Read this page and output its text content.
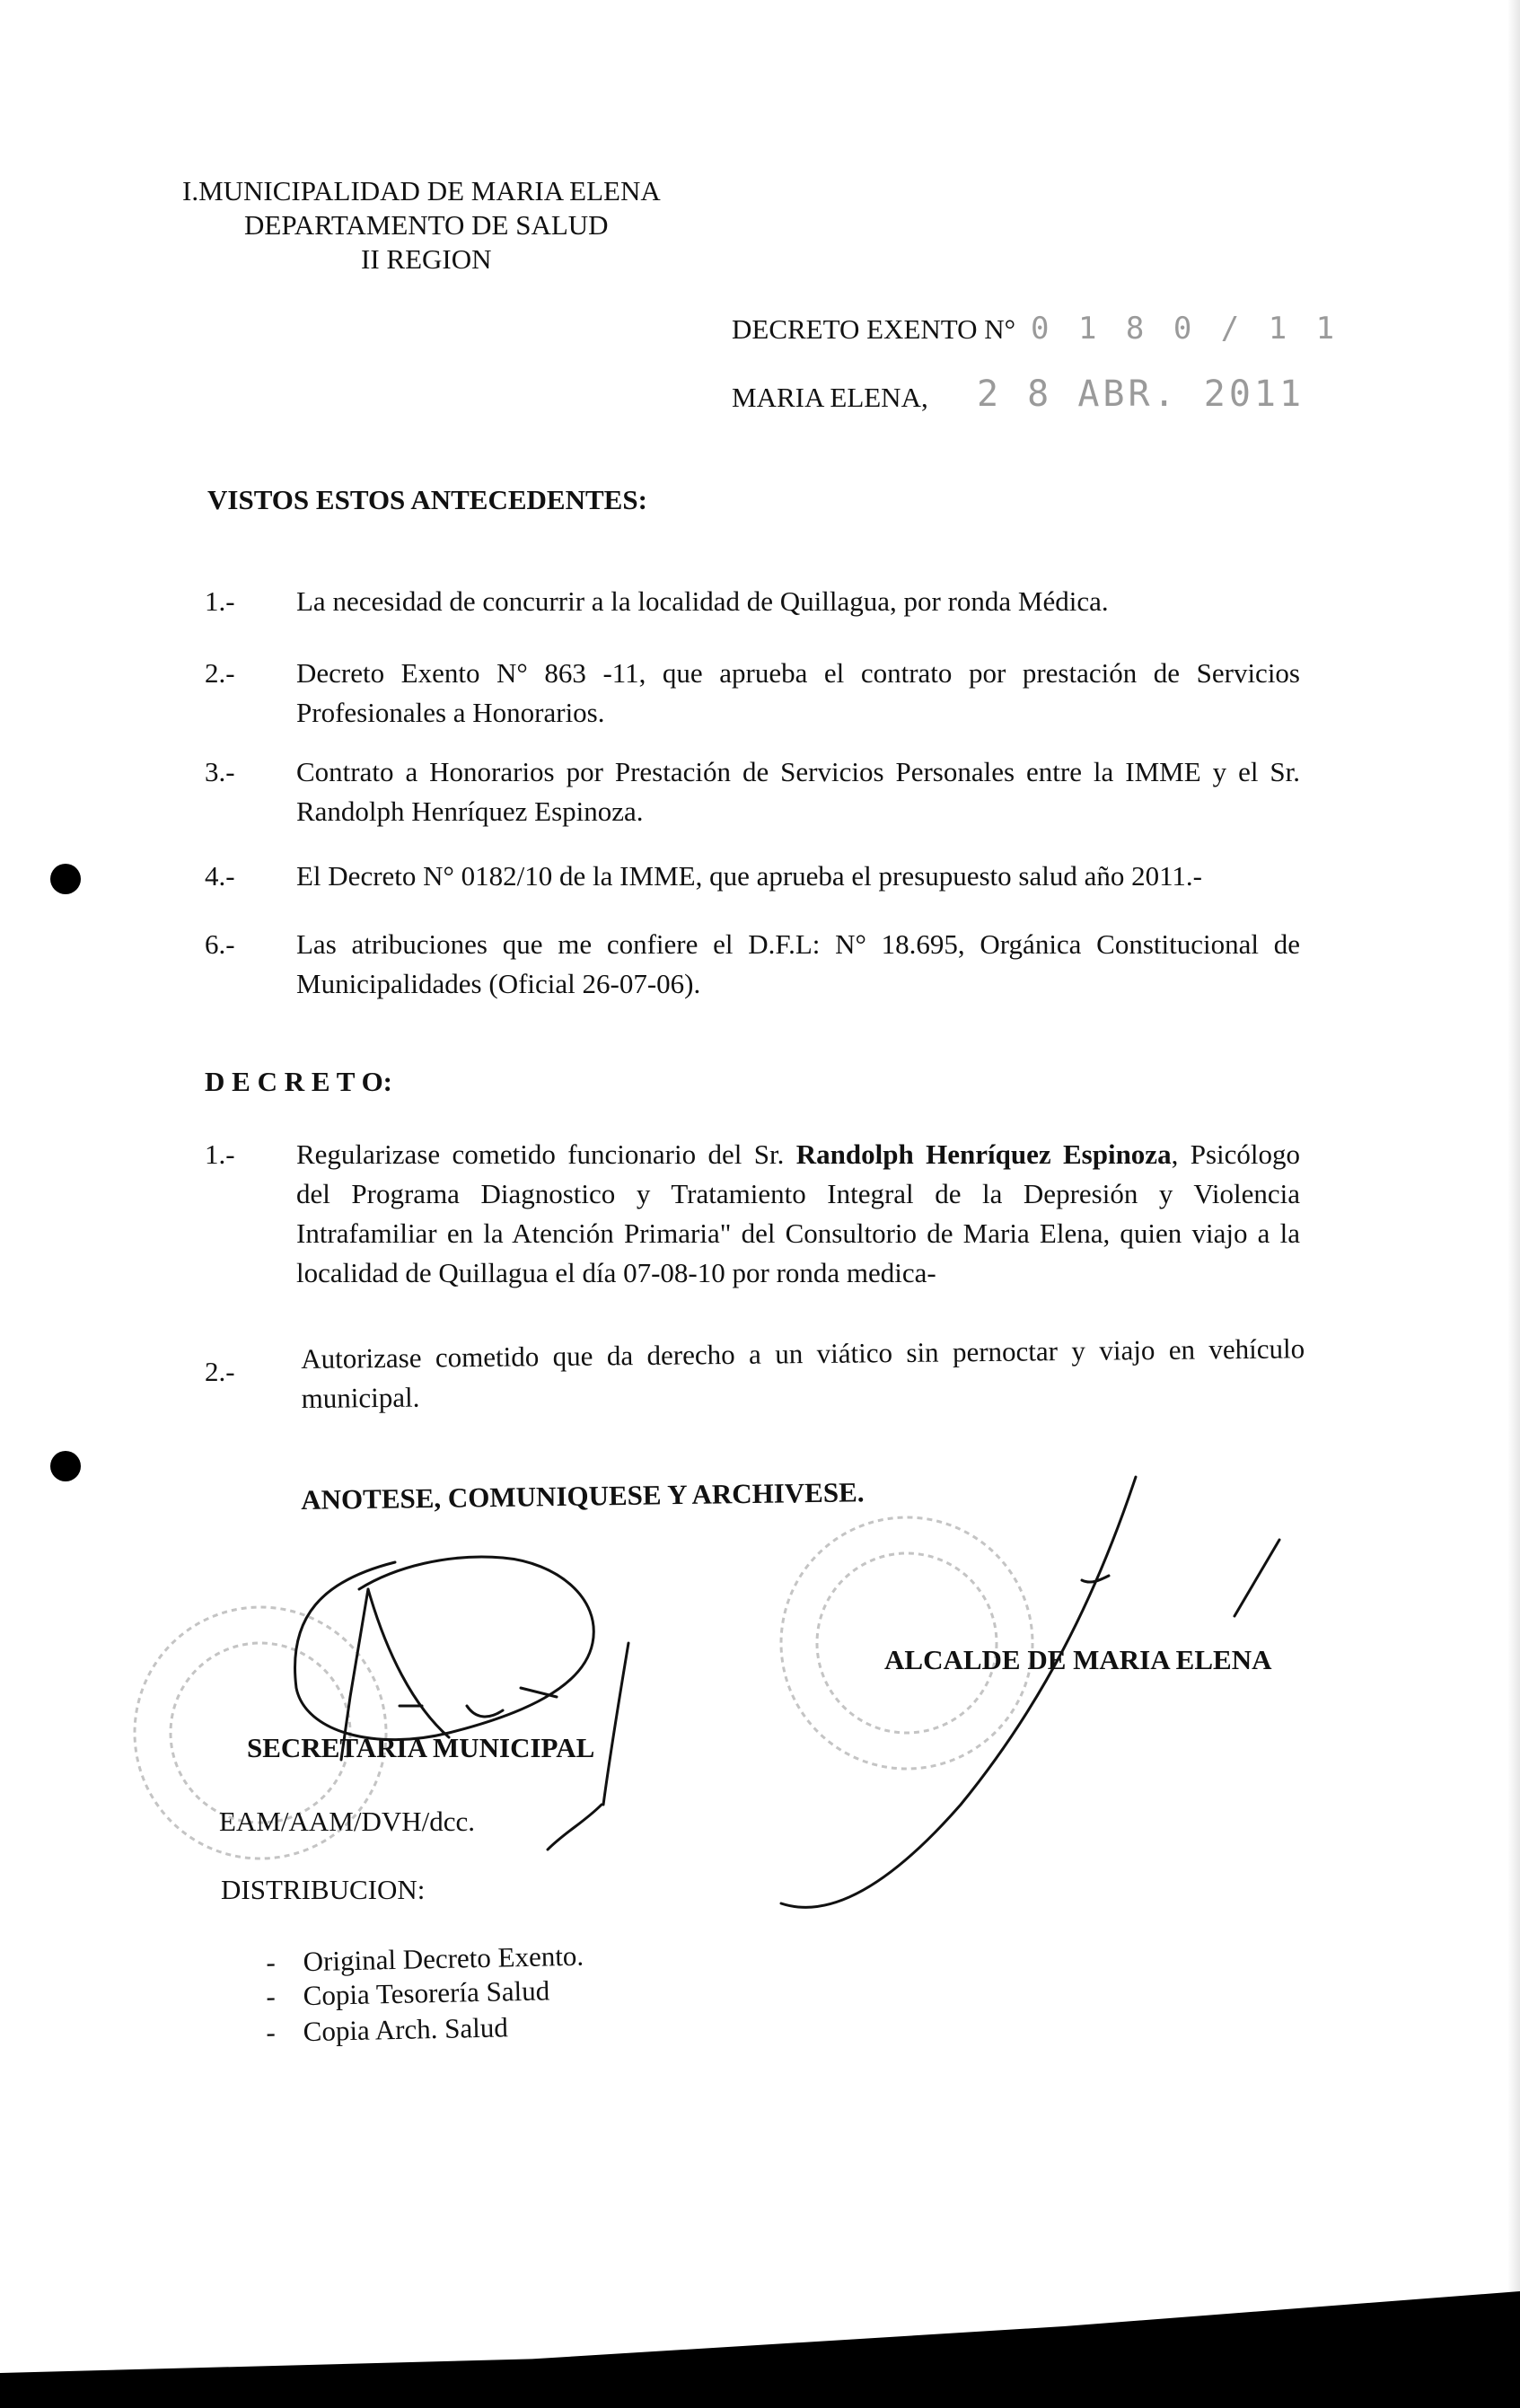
I.MUNICIPALIDAD DE MARIA ELENA
DEPARTAMENTO DE SALUD
II REGION
DECRETO EXENTO N° 0 1 8 0 / 1 1
MARIA ELENA, 2 8 ABR. 2011
VISTOS ESTOS ANTECEDENTES:
1.- La necesidad de concurrir a la localidad de Quillagua, por ronda Médica.
2.- Decreto Exento N° 863 -11, que aprueba el contrato por prestación de Servicios Profesionales a Honorarios.
3.- Contrato a Honorarios por Prestación de Servicios Personales entre la IMME y el Sr. Randolph Henríquez Espinoza.
4.- El Decreto N° 0182/10 de la IMME, que aprueba el presupuesto salud año 2011.-
6.- Las atribuciones que me confiere el D.F.L: N° 18.695, Orgánica Constitucional de Municipalidades (Oficial 26-07-06).
D E C R E T O:
1.- Regularizase cometido funcionario del Sr. Randolph Henríquez Espinoza, Psicólogo del Programa Diagnostico y Tratamiento Integral de la Depresión y Violencia Intrafamiliar en la Atención Primaria" del Consultorio de Maria Elena, quien viajo a la localidad de Quillagua el día 07-08-10 por ronda medica-
2.- Autorizase cometido que da derecho a un viático sin pernoctar y viajo en vehículo municipal.
ANOTESE, COMUNIQUESE Y ARCHIVESE.
ALCALDE DE MARIA ELENA
SECRETARIA MUNICIPAL
EAM/AAM/DVH/dcc.
DISTRIBUCION:
-    Original Decreto Exento.
-    Copia Tesorería Salud
-    Copia Arch. Salud
